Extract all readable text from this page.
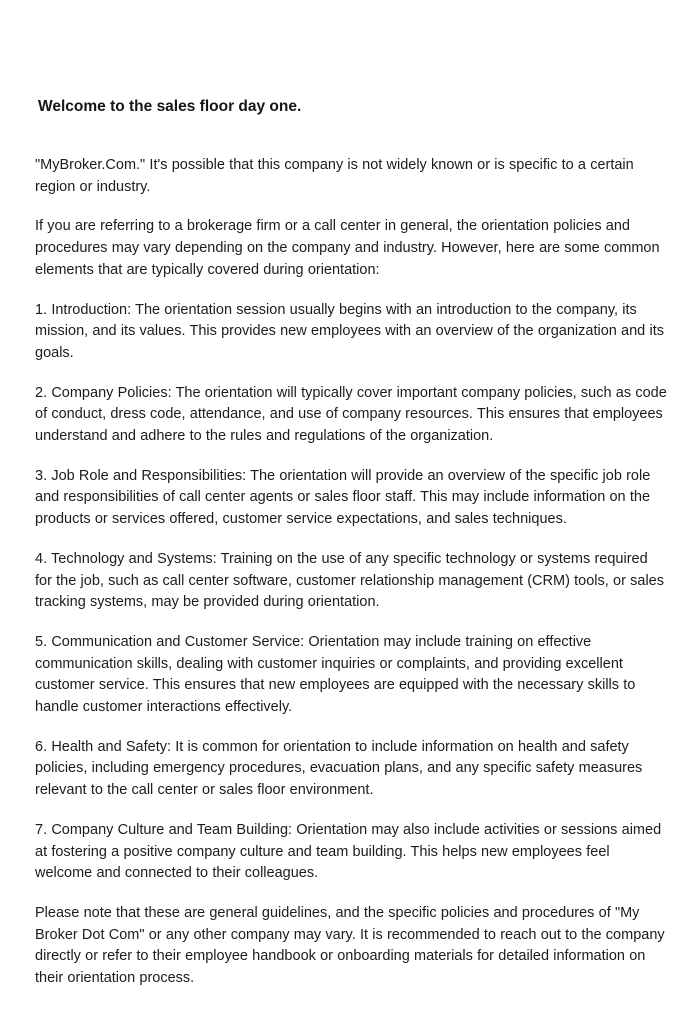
Welcome to the sales floor day one.

"MyBroker.Com." It's possible that this company is not widely known or is specific to a certain region or industry.

If you are referring to a brokerage firm or a call center in general, the orientation policies and procedures may vary depending on the company and industry. However, here are some common elements that are typically covered during orientation:

1. Introduction: The orientation session usually begins with an introduction to the company, its mission, and its values. This provides new employees with an overview of the organization and its goals.

2. Company Policies: The orientation will typically cover important company policies, such as code of conduct, dress code, attendance, and use of company resources. This ensures that employees understand and adhere to the rules and regulations of the organization.

3. Job Role and Responsibilities: The orientation will provide an overview of the specific job role and responsibilities of call center agents or sales floor staff. This may include information on the products or services offered, customer service expectations, and sales techniques.

4. Technology and Systems: Training on the use of any specific technology or systems required for the job, such as call center software, customer relationship management (CRM) tools, or sales tracking systems, may be provided during orientation.

5. Communication and Customer Service: Orientation may include training on effective communication skills, dealing with customer inquiries or complaints, and providing excellent customer service. This ensures that new employees are equipped with the necessary skills to handle customer interactions effectively.

6. Health and Safety: It is common for orientation to include information on health and safety policies, including emergency procedures, evacuation plans, and any specific safety measures relevant to the call center or sales floor environment.

7. Company Culture and Team Building: Orientation may also include activities or sessions aimed at fostering a positive company culture and team building. This helps new employees feel welcome and connected to their colleagues.

Please note that these are general guidelines, and the specific policies and procedures of "My Broker Dot Com" or any other company may vary. It is recommended to reach out to the company directly or refer to their employee handbook or onboarding materials for detailed information on their orientation process.
